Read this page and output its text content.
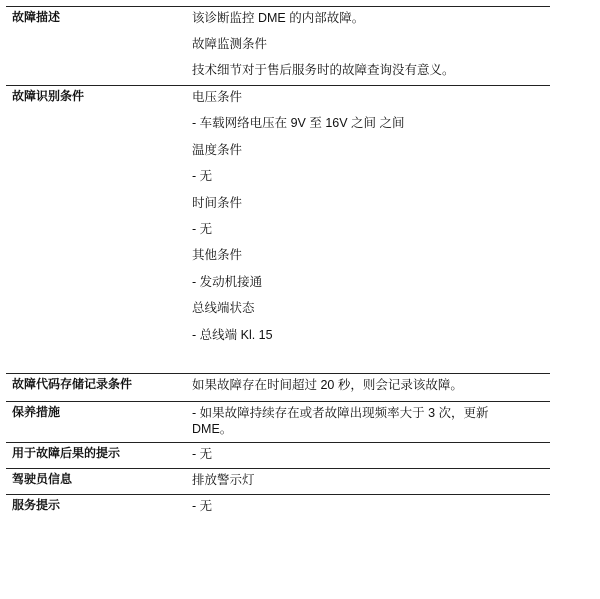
故障描述	该诊断监控 DME 的内部故障。

故障监测条件

技术细节对于售后服务时的故障查询没有意义。

故障识别条件	电压条件

- 车载网络电压在 9V 至 16V 之间 之间

温度条件

- 无

时间条件

- 无

其他条件

- 发动机接通

总线端状态

- 总线端 Kl. 15

故障代码存储记录条件	如果故障存在时间超过 20 秒，则会记录该故障。

保养措施	- 如果故障持续存在或者故障出现频率大于 3 次，更新 DME。

用于故障后果的提示	- 无

驾驶员信息	排放警示灯

服务提示	- 无
